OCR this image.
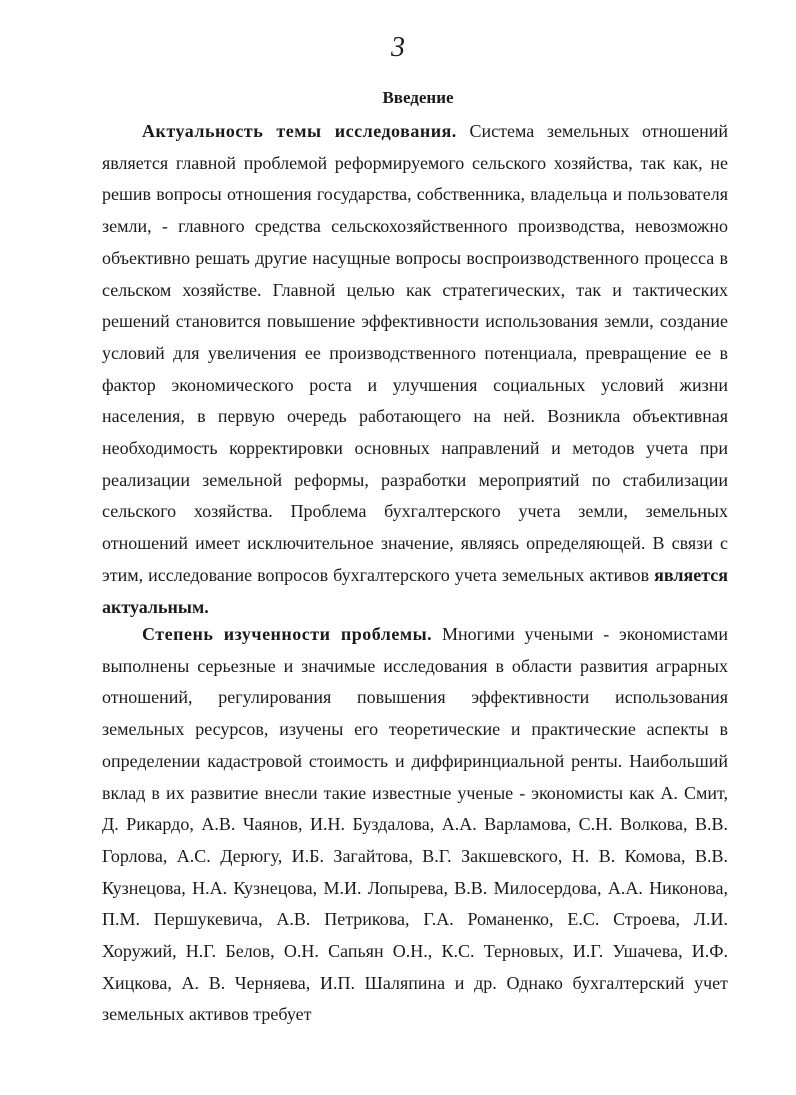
3
Введение

Актуальность темы исследования. Система земельных отношений является главной проблемой реформируемого сельского хозяйства, так как, не решив вопросы отношения государства, собственника, владельца и пользователя земли, - главного средства сельскохозяйственного производства, невозможно объективно решать другие насущные вопросы воспроизводственного процесса в сельском хозяйстве. Главной целью как стратегических, так и тактических решений становится повышение эффективности использования земли, создание условий для увеличения ее производственного потенциала, превращение ее в фактор экономического роста и улучшения социальных условий жизни населения, в первую очередь работающего на ней. Возникла объективная необходимость корректировки основных направлений и методов учета при реализации земельной реформы, разработки мероприятий по стабилизации сельского хозяйства. Проблема бухгалтерского учета земли, земельных отношений имеет исключительное значение, являясь определяющей. В связи с этим, исследование вопросов бухгалтерского учета земельных активов является актуальным.

Степень изученности проблемы. Многими учеными - экономистами выполнены серьезные и значимые исследования в области развития аграрных отношений, регулирования повышения эффективности использования земельных ресурсов, изучены его теоретические и практические аспекты в определении кадастровой стоимость и диффиринциальной ренты. Наибольший вклад в их развитие внесли такие известные ученые - экономисты как А. Смит, Д. Рикардо, А.В. Чаянов, И.Н. Буздалова, А.А. Варламова, С.Н. Волкова, В.В. Горлова, А.С. Дерюгу, И.Б. Загайтова, В.Г. Закшевского, Н. В. Комова, В.В. Кузнецова, Н.А. Кузнецова, М.И. Лопырева, В.В. Милосердова, А.А. Никонова, П.М. Першукевича, А.В. Петрикова, Г.А. Романенко, Е.С. Строева, Л.И. Хоружий, Н.Г. Белов, О.Н. Сапьян О.Н., К.С. Терновых, И.Г. Ушачева, И.Ф. Хицкова, А. В. Черняева, И.П. Шаляпина и др. Однако бухгалтерский учет земельных активов требует
